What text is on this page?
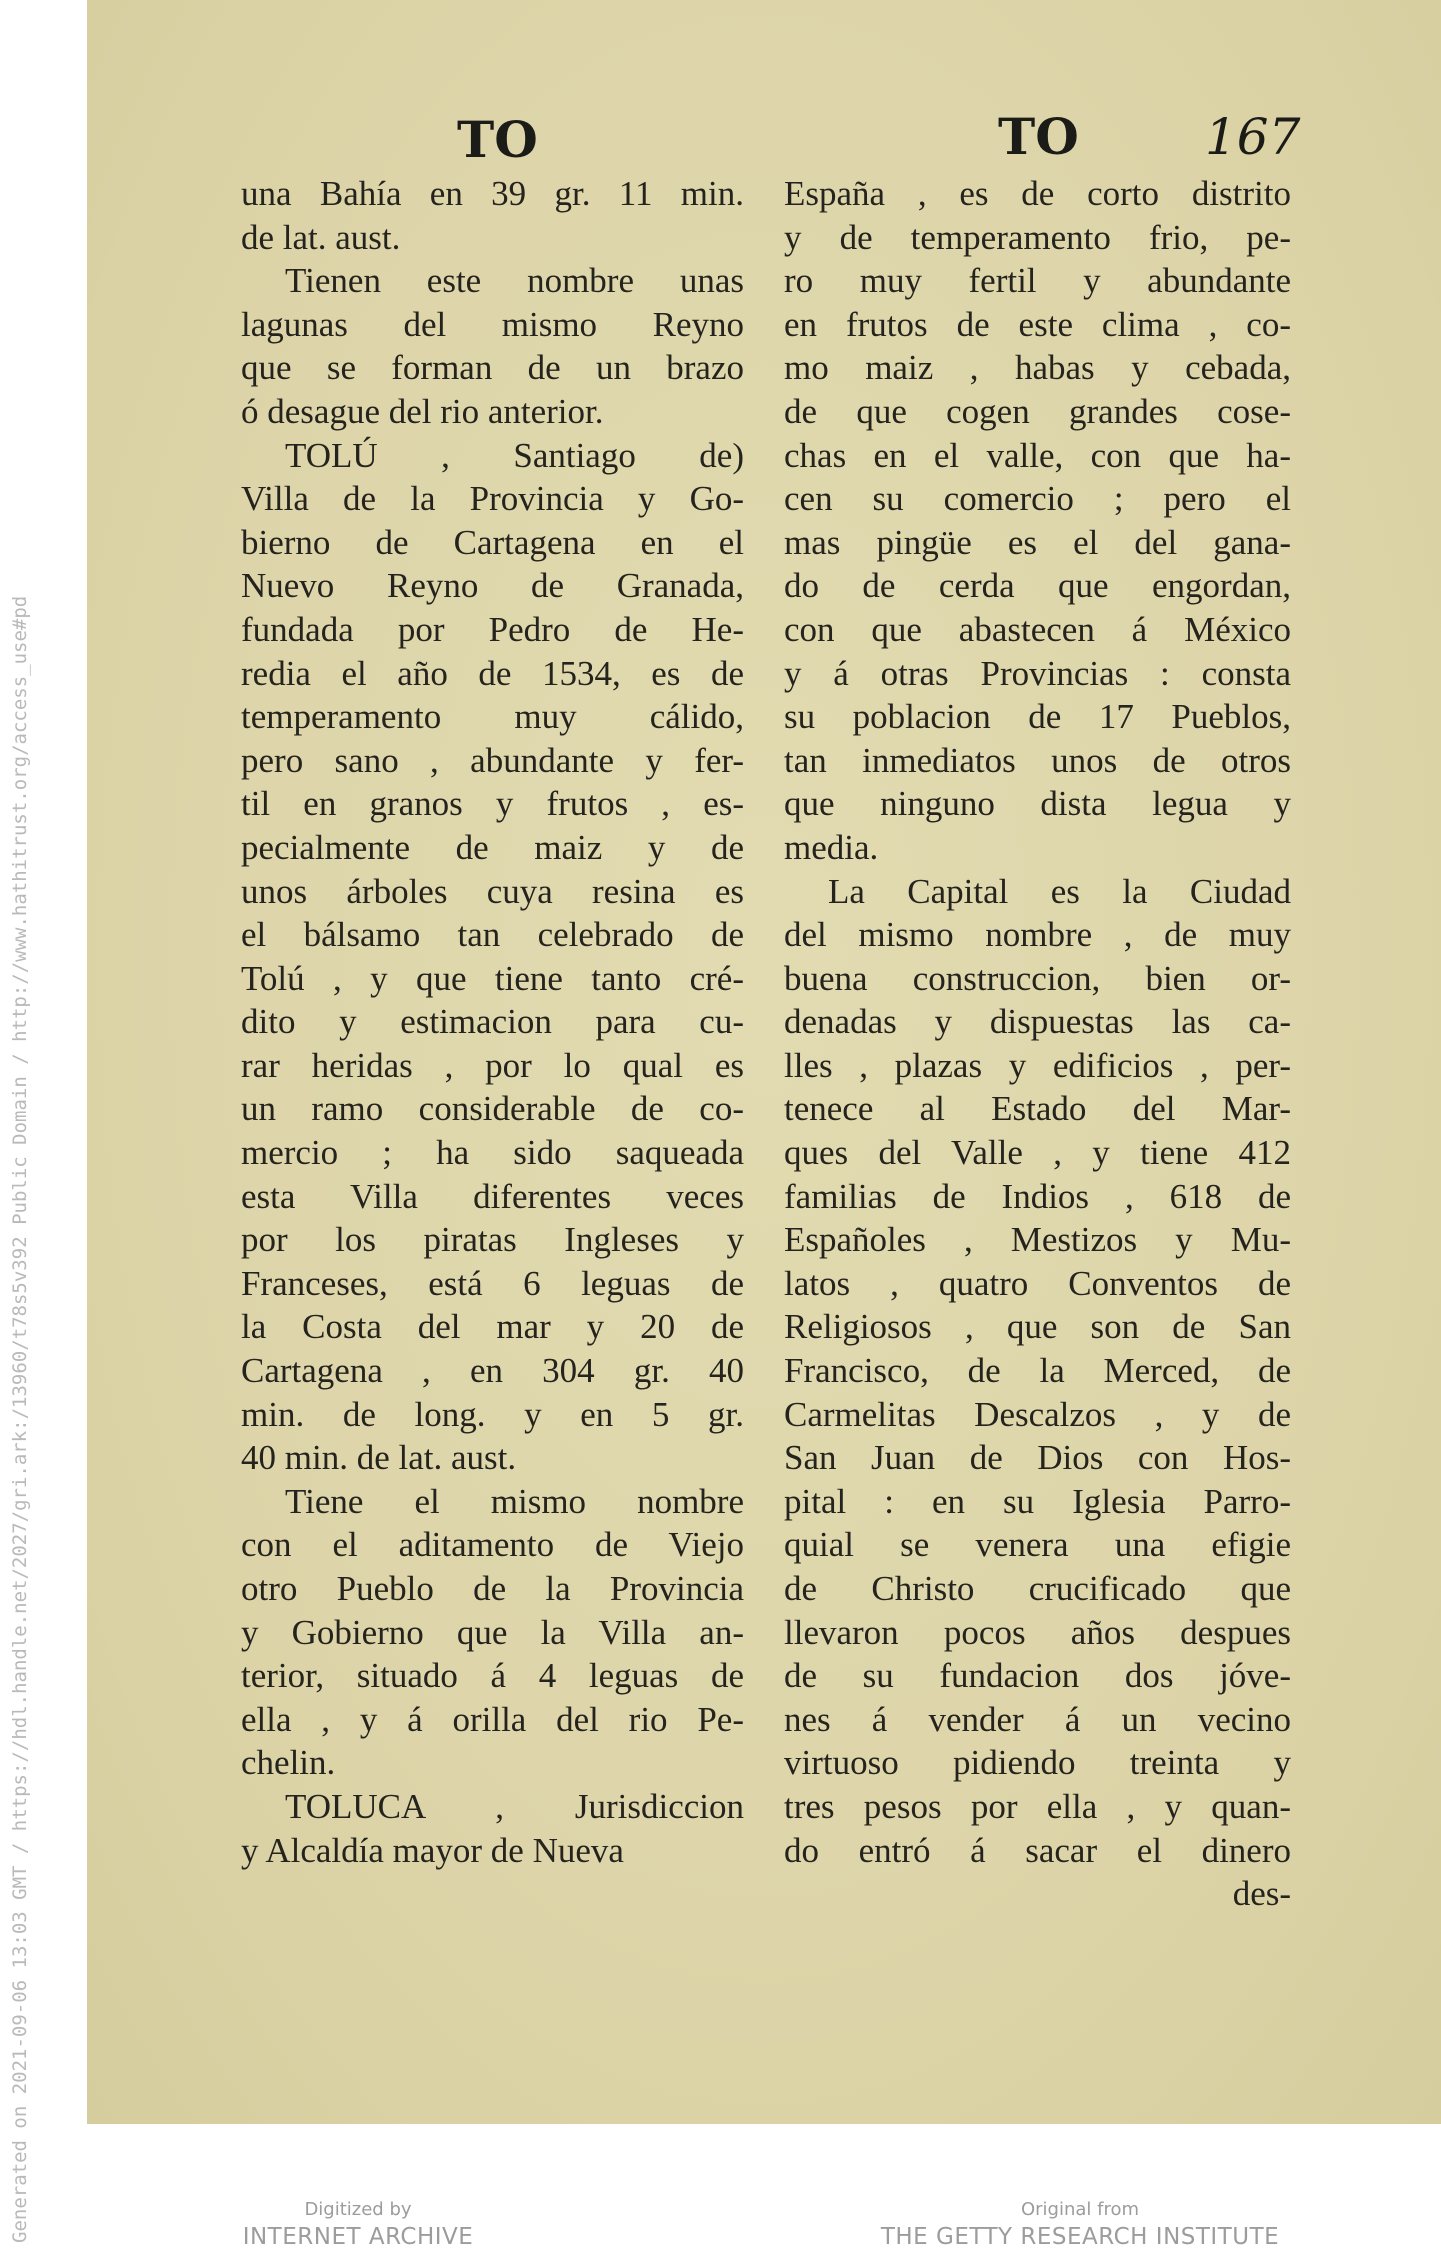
Generated on 2021-09-06 13:03 GMT / https://hdl.handle.net/2027/gri.ark:/13960/t78s5v392 Public Domain / http://www.hathitrust.org/access_use#pd
TO	TO	167
una Bahía en 39 gr. 11 min.
de lat. aust.
Tienen este nombre unas
lagunas del mismo Reyno
que se forman de un brazo
ó desague del rio anterior.
TOLÚ , Santiago de)
Villa de la Provincia y Go-
bierno de Cartagena en el
Nuevo Reyno de Granada,
fundada por Pedro de He-
redia el año de 1534, es de
temperamento muy cálido,
pero sano , abundante y fer-
til en granos y frutos , es-
pecialmente de maiz y de
unos árboles cuya resina es
el bálsamo tan celebrado de
Tolú , y que tiene tanto cré-
dito y estimacion para cu-
rar heridas , por lo qual es
un ramo considerable de co-
mercio ; ha sido saqueada
esta Villa diferentes veces
por los piratas Ingleses y
Franceses, está 6 leguas de
la Costa del mar y 20 de
Cartagena , en 304 gr. 40
min. de long. y en 5 gr.
40 min. de lat. aust.
Tiene el mismo nombre
con el aditamento de Viejo
otro Pueblo de la Provincia
y Gobierno que la Villa an-
terior, situado á 4 leguas de
ella , y á orilla del rio Pe-
chelin.
TOLUCA , Jurisdiccion
y Alcaldía mayor de Nueva
España , es de corto distrito
y de temperamento frio, pe-
ro muy fertil y abundante
en frutos de este clima , co-
mo maiz , habas y cebada,
de que cogen grandes cose-
chas en el valle, con que ha-
cen su comercio ; pero el
mas pingüe es el del gana-
do de cerda que engordan,
con que abastecen á México
y á otras Provincias : consta
su poblacion de 17 Pueblos,
tan inmediatos unos de otros
que ninguno dista legua y
media.
La Capital es la Ciudad
del mismo nombre , de muy
buena construccion, bien or-
denadas y dispuestas las ca-
lles , plazas y edificios , per-
tenece al Estado del Mar-
ques del Valle , y tiene 412
familias de Indios , 618 de
Españoles , Mestizos y Mu-
latos , quatro Conventos de
Religiosos , que son de San
Francisco, de la Merced, de
Carmelitas Descalzos , y de
San Juan de Dios con Hos-
pital : en su Iglesia Parro-
quial se venera una efigie
de Christo crucificado que
llevaron pocos años despues
de su fundacion dos jóve-
nes á vender á un vecino
virtuoso pidiendo treinta y
tres pesos por ella , y quan-
do entró á sacar el dinero
des-
Digitized by
INTERNET ARCHIVE
Original from
THE GETTY RESEARCH INSTITUTE
